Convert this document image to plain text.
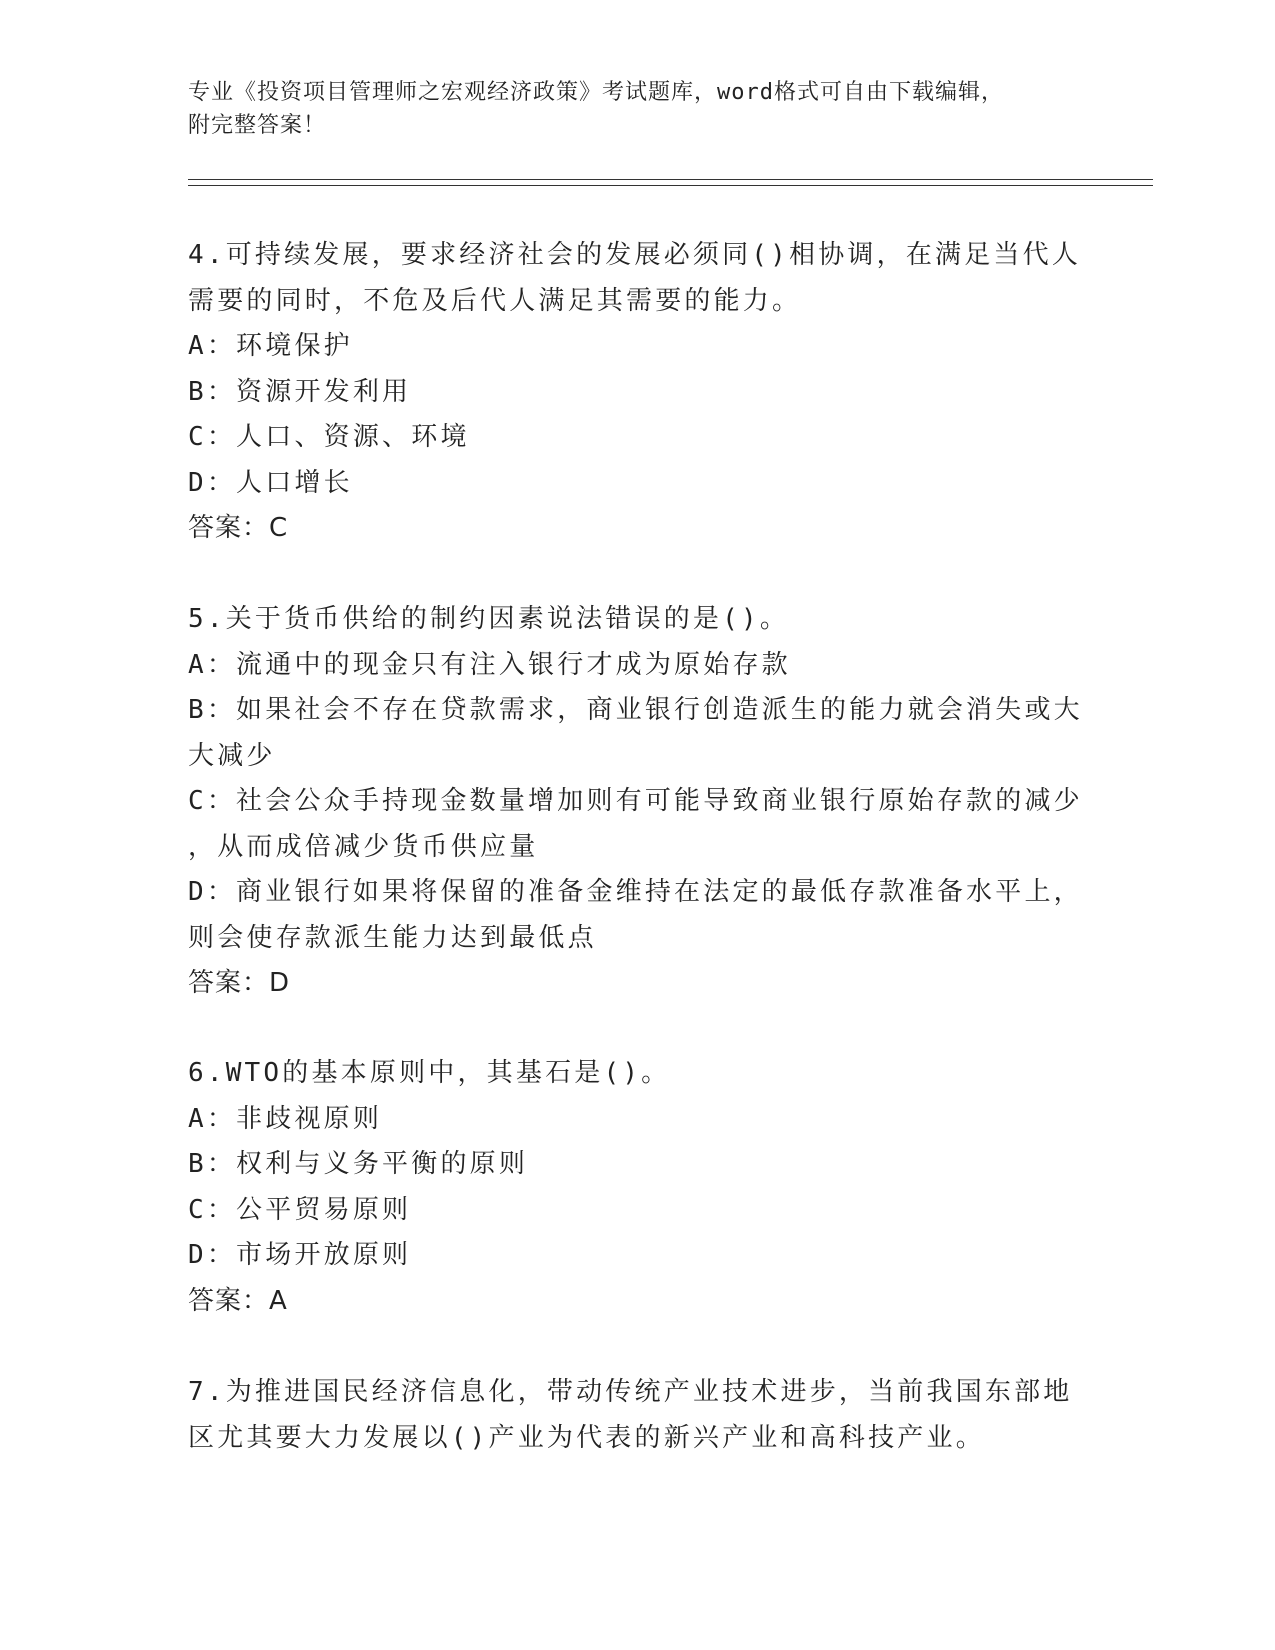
专业《投资项目管理师之宏观经济政策》考试题库，word格式可自由下载编辑，
附完整答案！
4.可持续发展，要求经济社会的发展必须同()相协调，在满足当代人
需要的同时，不危及后代人满足其需要的能力。
A：环境保护
B：资源开发利用
C：人口、资源、环境
D：人口增长
答案：C
5.关于货币供给的制约因素说法错误的是()。
A：流通中的现金只有注入银行才成为原始存款
B：如果社会不存在贷款需求，商业银行创造派生的能力就会消失或大
大减少
C：社会公众手持现金数量增加则有可能导致商业银行原始存款的减少
，从而成倍减少货币供应量
D：商业银行如果将保留的准备金维持在法定的最低存款准备水平上，
则会使存款派生能力达到最低点
答案：D
6.WTO的基本原则中，其基石是()。
A：非歧视原则
B：权利与义务平衡的原则
C：公平贸易原则
D：市场开放原则
答案：A
7.为推进国民经济信息化，带动传统产业技术进步，当前我国东部地
区尤其要大力发展以()产业为代表的新兴产业和高科技产业。
